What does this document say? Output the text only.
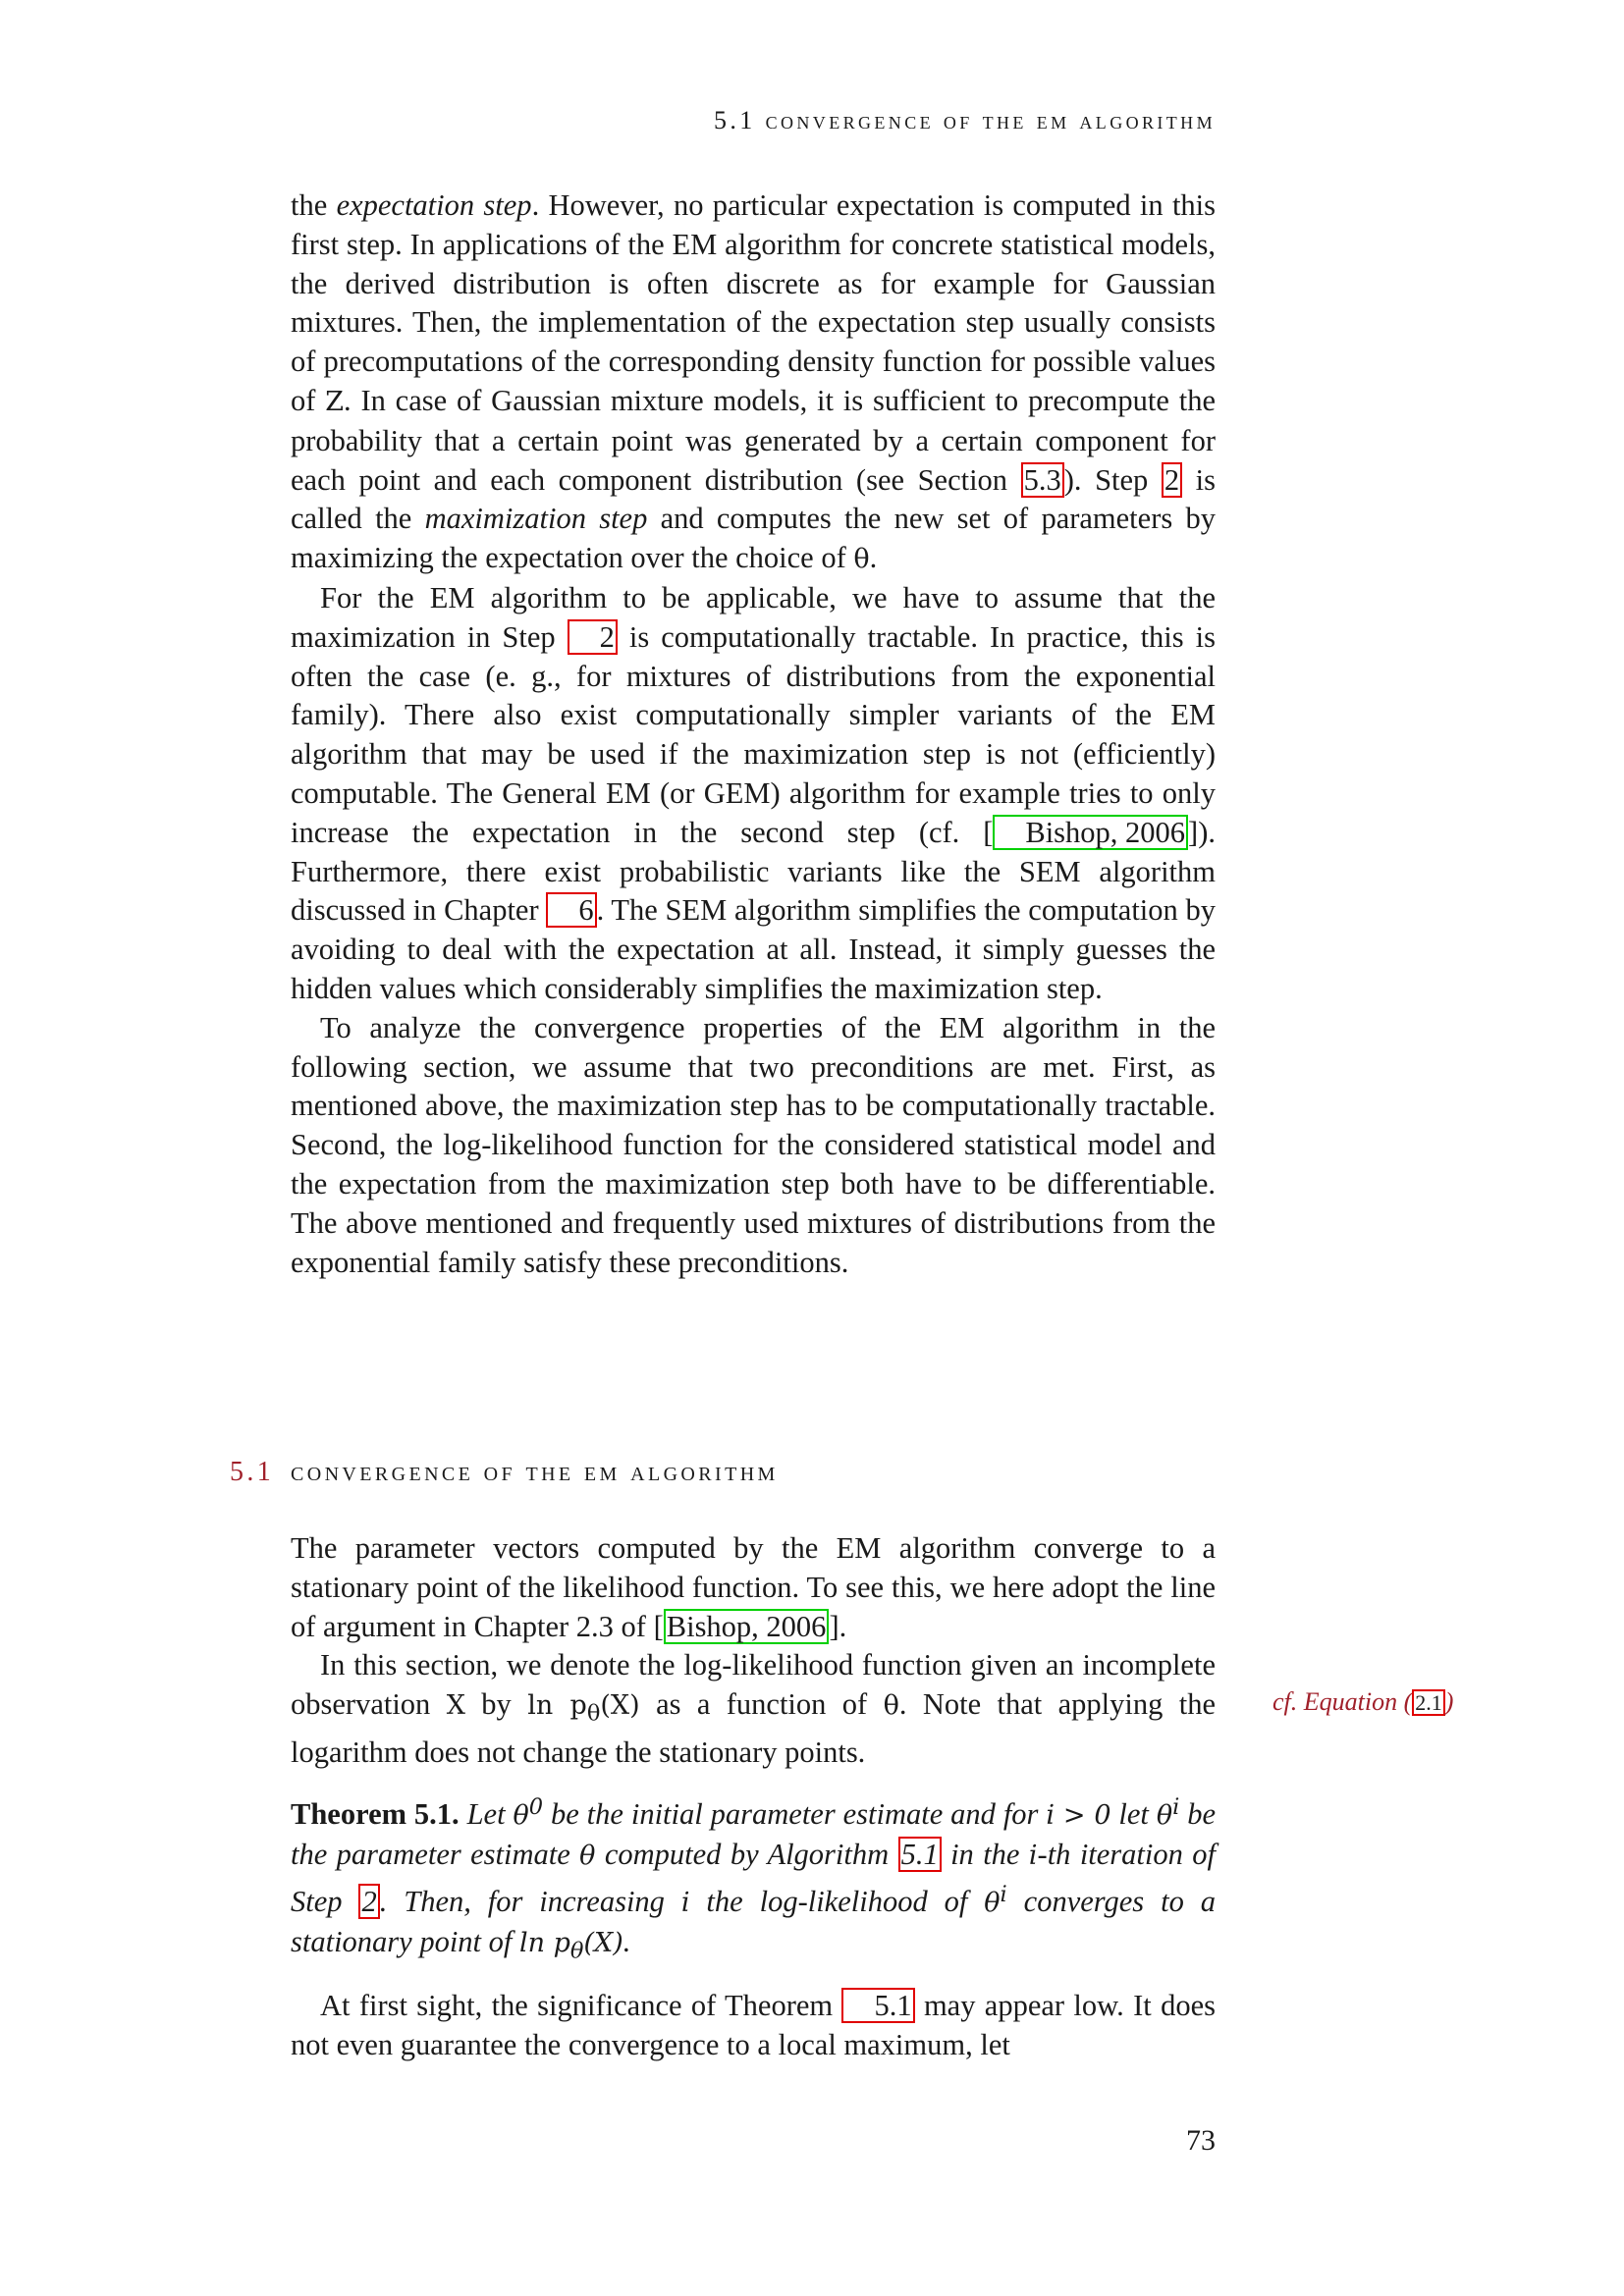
5.1 convergence of the em algorithm

the expectation step. However, no particular expectation is computed in this first step. In applications of the EM algorithm for concrete statistical models, the derived distribution is often discrete as for example for Gaussian mixtures. Then, the implementation of the expectation step usually consists of precomputations of the corresponding density function for possible values of Z. In case of Gaussian mixture models, it is sufficient to precompute the probability that a certain point was generated by a certain component for each point and each component distribution (see Section 5.3). Step 2 is called the maximization step and computes the new set of parameters by maximizing the expectation over the choice of θ.

For the EM algorithm to be applicable, we have to assume that the maximization in Step 2 is computationally tractable. In practice, this is often the case (e. g., for mixtures of distributions from the exponential family). There also exist computationally simpler variants of the EM algorithm that may be used if the maximization step is not (efficiently) computable. The General EM (or GEM) algorithm for example tries to only increase the expectation in the second step (cf. [ Bishop, 2006]). Furthermore, there exist probabilistic variants like the SEM algorithm discussed in Chapter 6. The SEM algorithm simplifies the computation by avoiding to deal with the expectation at all. Instead, it simply guesses the hidden values which considerably simplifies the maximization step.

To analyze the convergence properties of the EM algorithm in the following section, we assume that two preconditions are met. First, as mentioned above, the maximization step has to be computationally tractable. Second, the log-likelihood function for the considered statistical model and the expectation from the maximization step both have to be differentiable. The above mentioned and frequently used mixtures of distributions from the exponential family satisfy these preconditions.

5.1 convergence of the em algorithm

The parameter vectors computed by the EM algorithm converge to a stationary point of the likelihood function. To see this, we here adopt the line of argument in Chapter 2.3 of [Bishop, 2006].

In this section, we denote the log-likelihood function given an incomplete observation X by $\ln p_\theta(X)$ as a function of θ. Note that applying the logarithm does not change the stationary points.

Theorem 5.1. Let $\theta^0$ be the initial parameter estimate and for i > 0 let $\theta^i$ be the parameter estimate θ computed by Algorithm 5.1 in the i-th iteration of Step 2. Then, for increasing i the log-likelihood of $\theta^i$ converges to a stationary point of $\ln p_\theta(X)$.

At first sight, the significance of Theorem 5.1 may appear low. It does not even guarantee the convergence to a local maximum, let

cf. Equation ( 2.1 )
73
